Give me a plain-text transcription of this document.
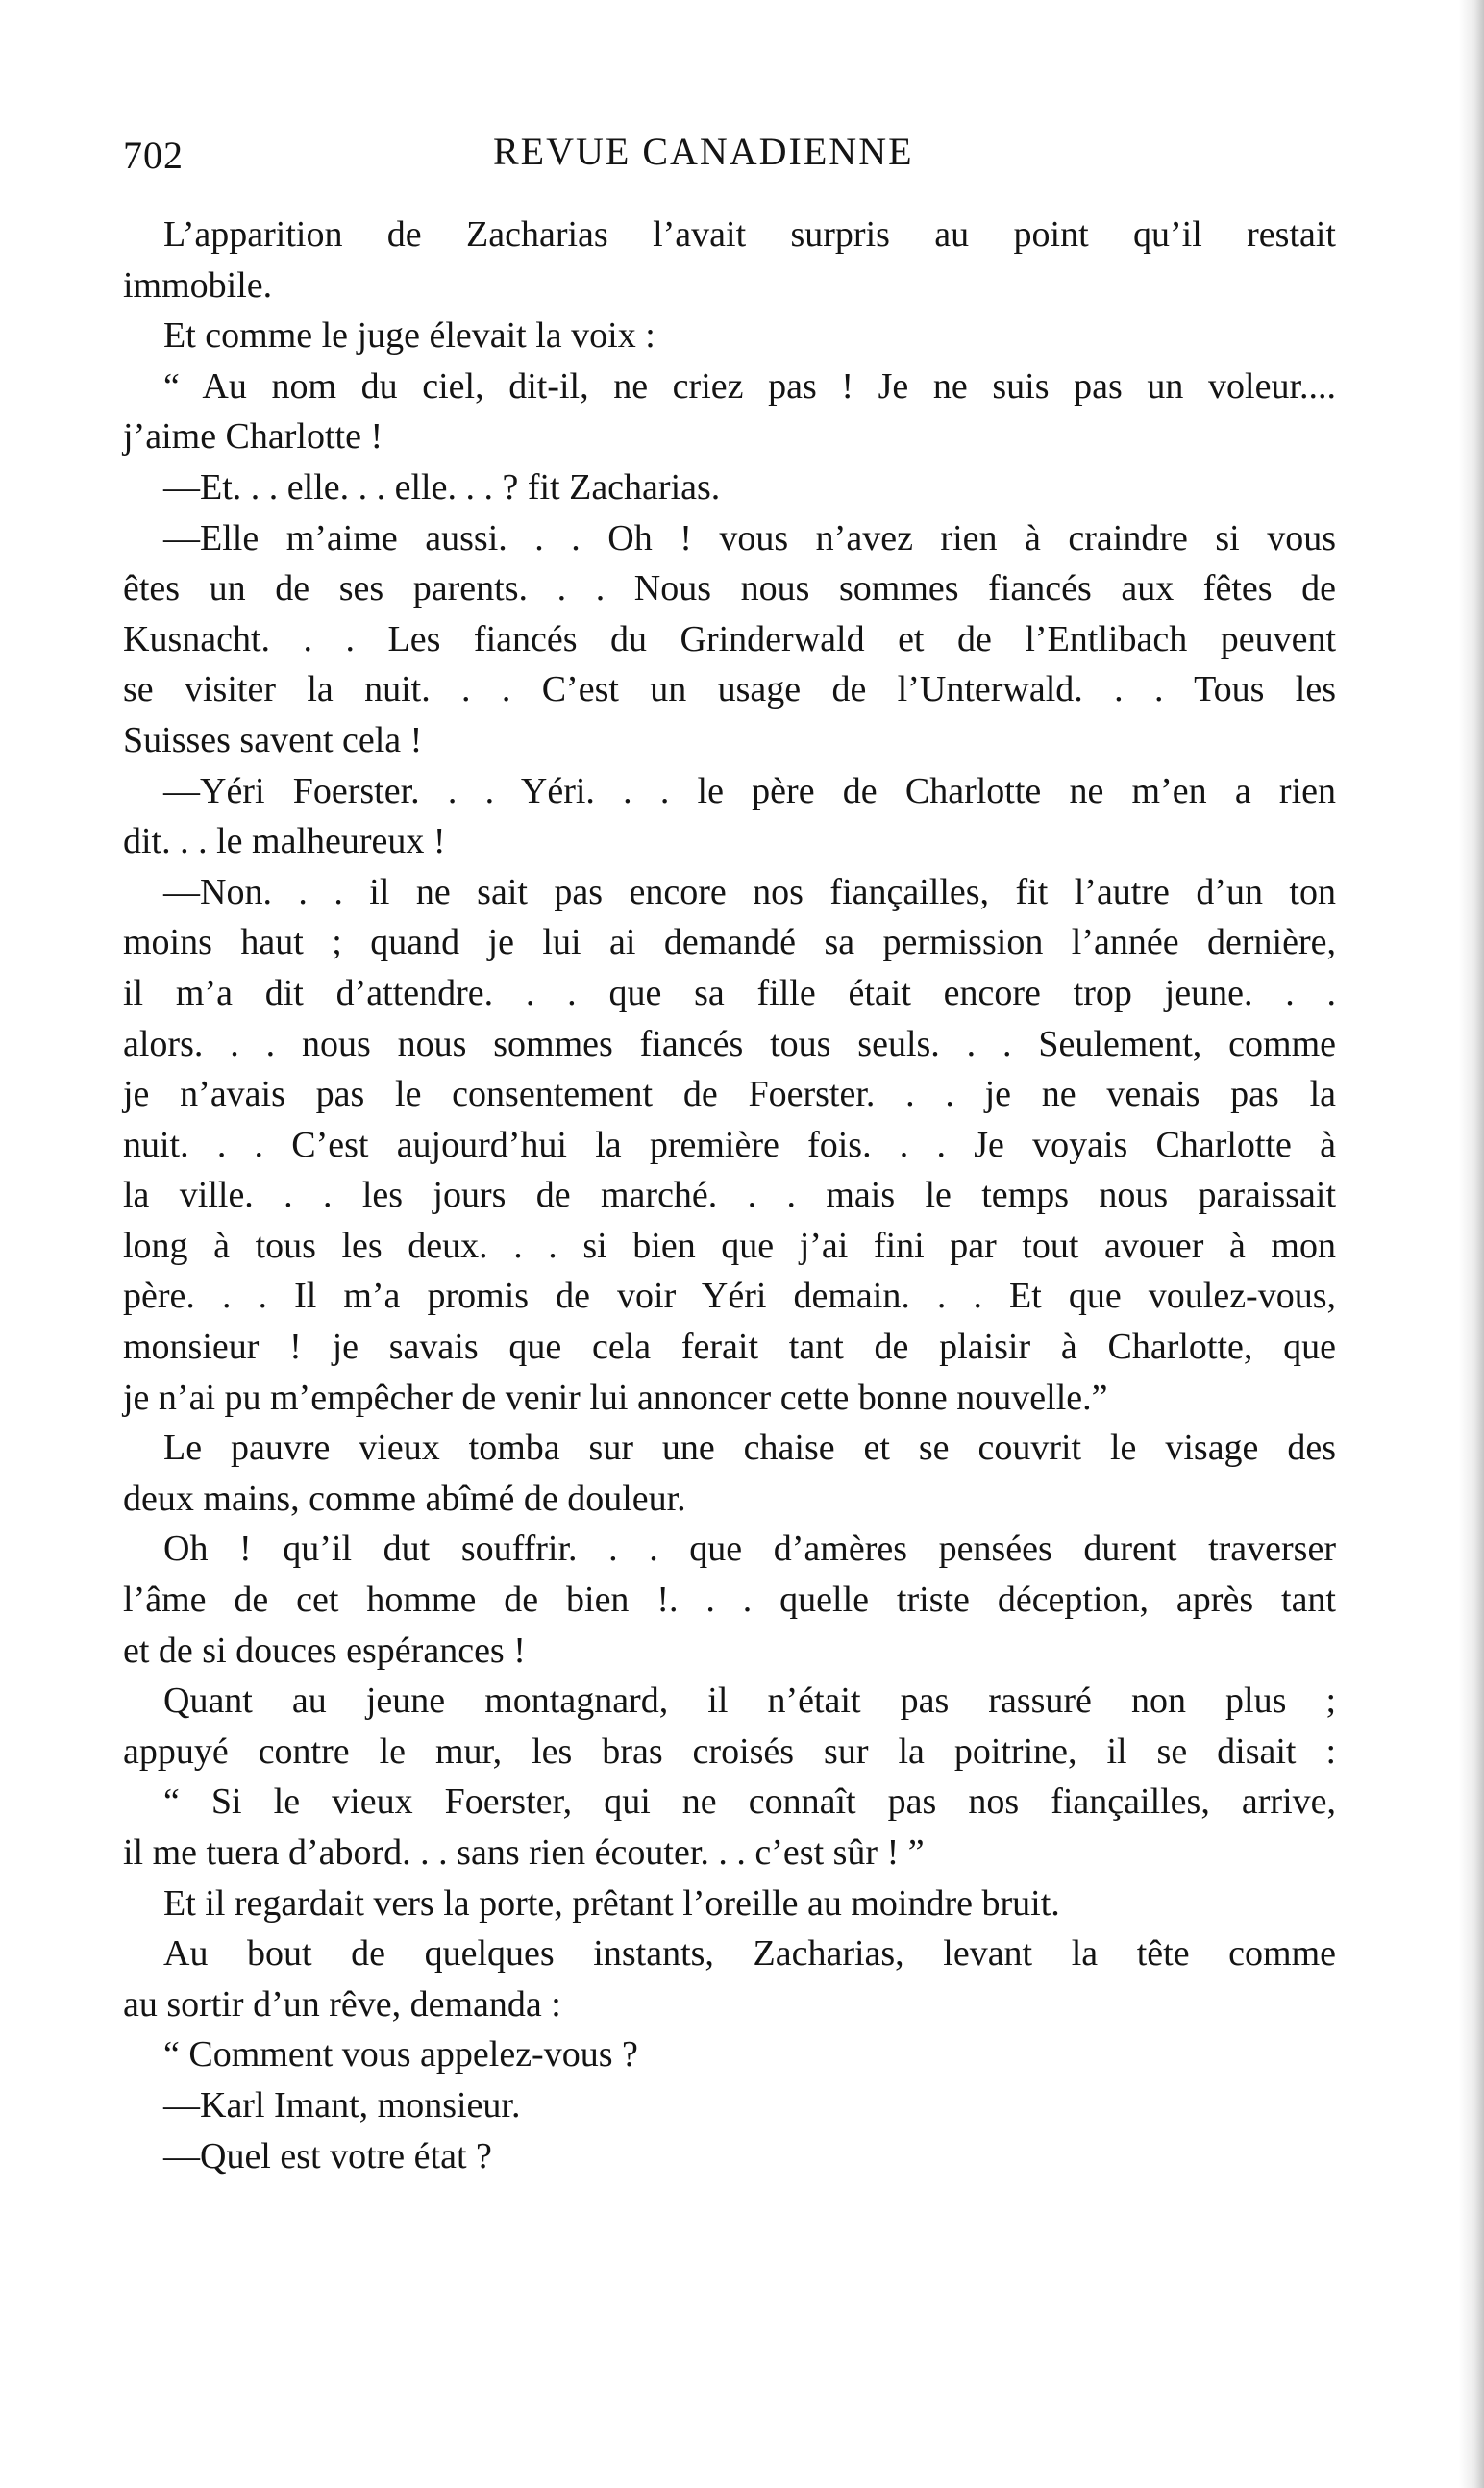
702	REVUE CANADIENNE
L’apparition de Zacharias l’avait surpris au point qu’il restait
immobile.
Et comme le juge élevait la voix :
“ Au nom du ciel, dit-il, ne criez pas ! Je ne suis pas un voleur....
j’aime Charlotte !
—Et. . . elle. . . elle. . . ? fit Zacharias.
—Elle m’aime aussi. . . Oh ! vous n’avez rien à craindre si vous
êtes un de ses parents. . . Nous nous sommes fiancés aux fêtes de
Kusnacht. . . Les fiancés du Grinderwald et de l’Entlibach peuvent
se visiter la nuit. . . C’est un usage de l’Unterwald. . . Tous les
Suisses savent cela !
—Yéri Foerster. . . Yéri. . . le père de Charlotte ne m’en a rien
dit. . . le malheureux !
—Non. . . il ne sait pas encore nos fiançailles, fit l’autre d’un ton
moins haut ; quand je lui ai demandé sa permission l’année dernière,
il m’a dit d’attendre. . . que sa fille était encore trop jeune. . .
alors. . . nous nous sommes fiancés tous seuls. . . Seulement, comme
je n’avais pas le consentement de Foerster. . . je ne venais pas la
nuit. . . C’est aujourd’hui la première fois. . . Je voyais Charlotte à
la ville. . . les jours de marché. . . mais le temps nous paraissait
long à tous les deux. . . si bien que j’ai fini par tout avouer à mon
père. . . Il m’a promis de voir Yéri demain. . . Et que voulez-vous,
monsieur ! je savais que cela ferait tant de plaisir à Charlotte, que
je n’ai pu m’empêcher de venir lui annoncer cette bonne nouvelle.”
Le pauvre vieux tomba sur une chaise et se couvrit le visage des
deux mains, comme abîmé de douleur.
Oh ! qu’il dut souffrir. . . que d’amères pensées durent traverser
l’âme de cet homme de bien !. . . quelle triste déception, après tant
et de si douces espérances !
Quant au jeune montagnard, il n’était pas rassuré non plus ;
appuyé contre le mur, les bras croisés sur la poitrine, il se disait :
“ Si le vieux Foerster, qui ne connaît pas nos fiançailles, arrive,
il me tuera d’abord. . . sans rien écouter. . . c’est sûr ! ”
Et il regardait vers la porte, prêtant l’oreille au moindre bruit.
Au bout de quelques instants, Zacharias, levant la tête comme
au sortir d’un rêve, demanda :
“ Comment vous appelez-vous ?
—Karl Imant, monsieur.
—Quel est votre état ?
